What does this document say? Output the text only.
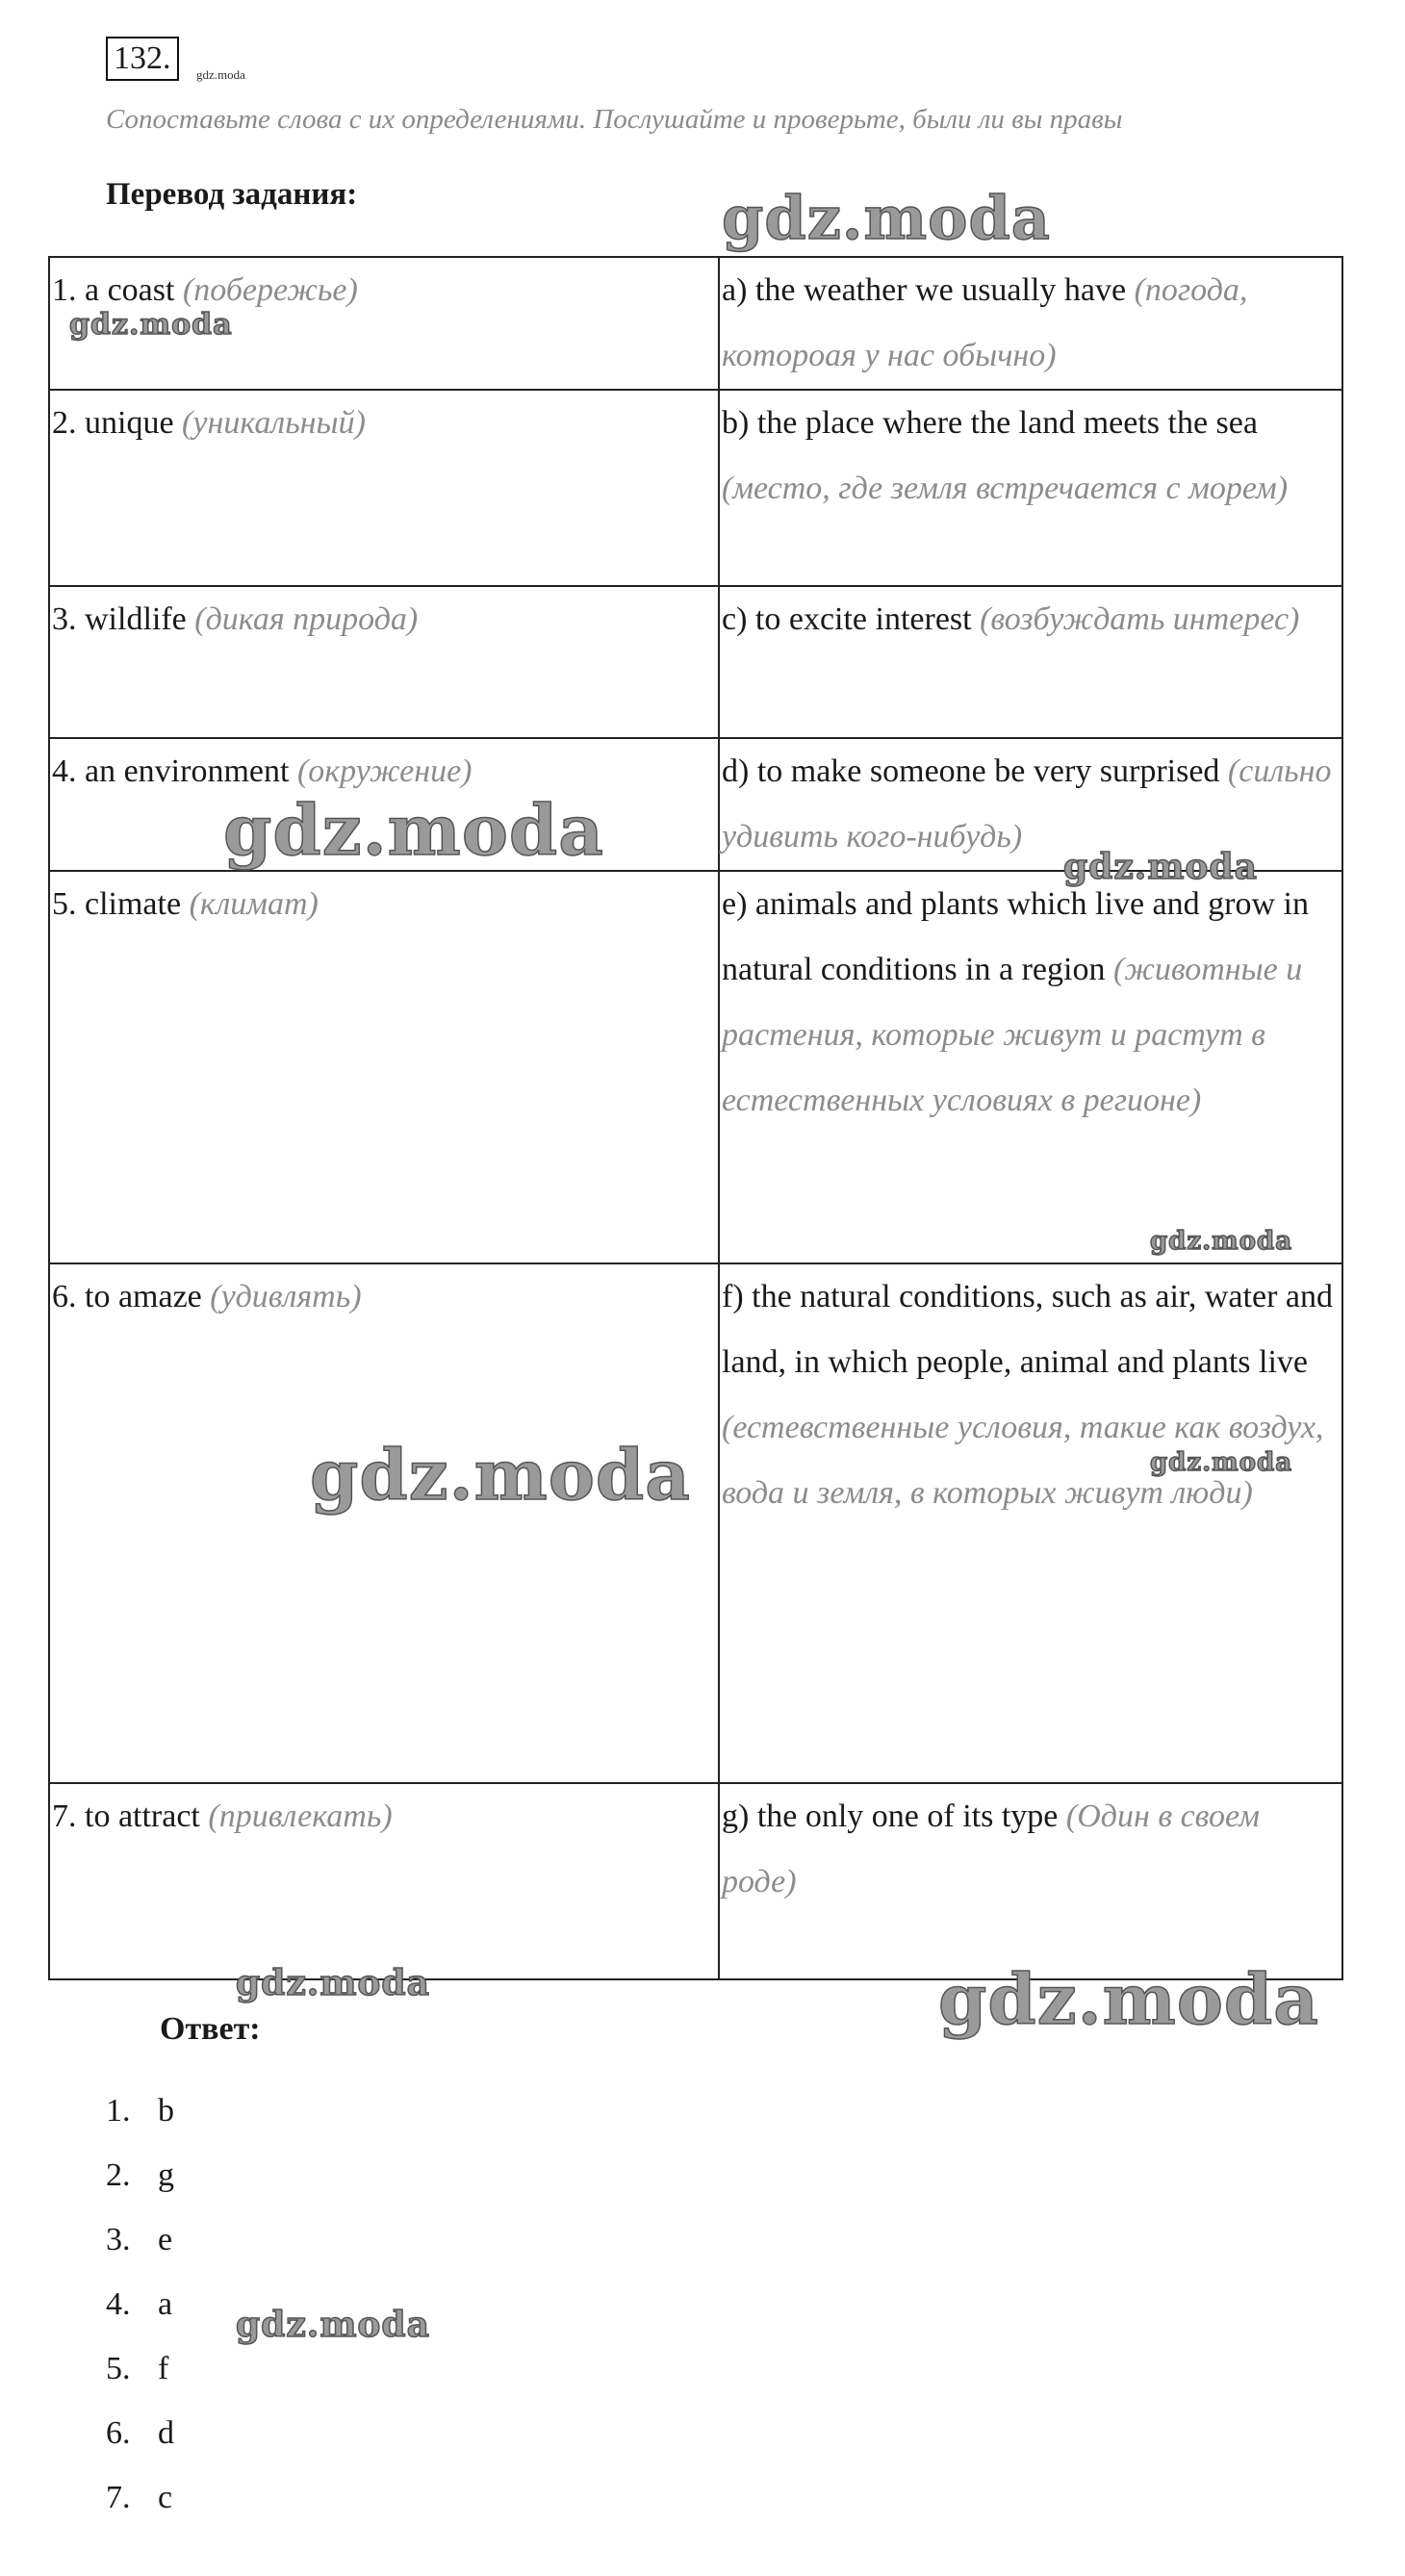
132.	gdz.moda
Сопоставьте слова с их определениями. Послушайте и проверьте, были ли вы правы
Перевод задания:
1. a coast (побережье)	a) the weather we usually have (погода, котороая у нас обычно)
2. unique (уникальный)	b) the place where the land meets the sea (место, где земля встречается с морем)
3. wildlife (дикая природа)	c) to excite interest (возбуждать интерес)
4. an environment (окружение)	d) to make someone be very surprised (сильно удивить кого-нибудь)
5. climate (климат)	e) animals and plants which live and grow in natural conditions in a region (животные и растения, которые живут и растут в естественных условиях в регионе)
6. to amaze (удивлять)	f) the natural conditions, such as air, water and land, in which people, animal and plants live (естевственные условия, такие как воздух, вода и земля, в которых живут люди)
7. to attract (привлекать)	g) the only one of its type (Один в своем роде)
Ответ:
1. b
2. g
3. e
4. a
5. f
6. d
7. c
gdz.moda
gdz.moda
gdz.moda	gdz.moda
gdz.moda
gdz.moda	gdz.moda
gdz.moda	gdz.moda
gdz.moda
